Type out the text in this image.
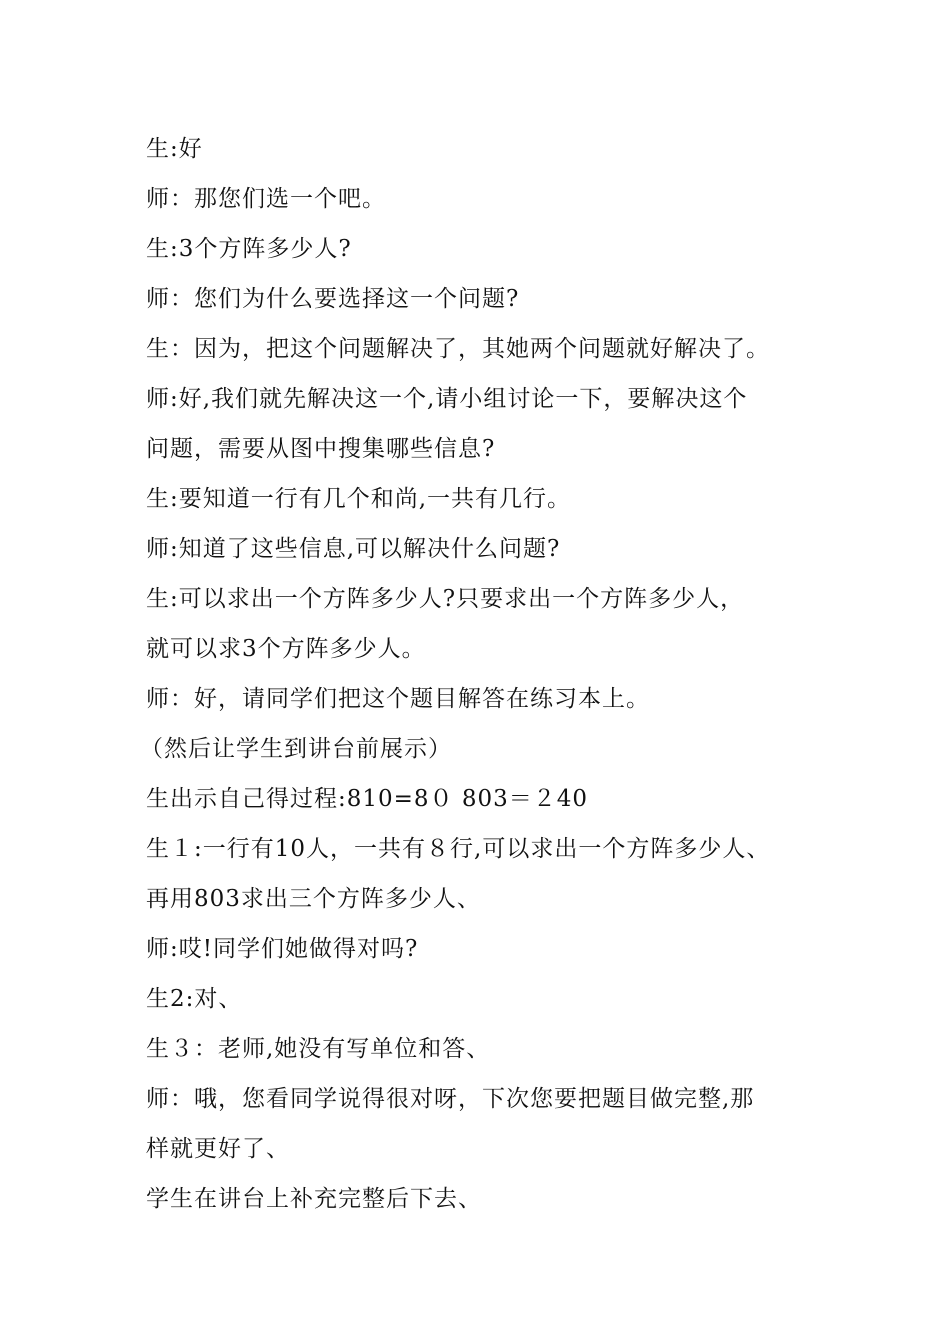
生:好
师：那您们选一个吧。
生:3个方阵多少人?
师：您们为什么要选择这一个问题?
生：因为，把这个问题解决了，其她两个问题就好解决了。
师:好,我们就先解决这一个,请小组讨论一下，要解决这个
问题，需要从图中搜集哪些信息?
生:要知道一行有几个和尚,一共有几行。
师:知道了这些信息,可以解决什么问题?
生:可以求出一个方阵多少人?只要求出一个方阵多少人，
就可以求3个方阵多少人。
师：好，请同学们把这个题目解答在练习本上。
（然后让学生到讲台前展示）
生出示自己得过程:810=8０ 803＝２40
生１:一行有10人，一共有８行,可以求出一个方阵多少人、
再用803求出三个方阵多少人、
师:哎!同学们她做得对吗?
生2:对、
生３：老师,她没有写单位和答、
师：哦，您看同学说得很对呀，下次您要把题目做完整,那
样就更好了、
学生在讲台上补充完整后下去、
